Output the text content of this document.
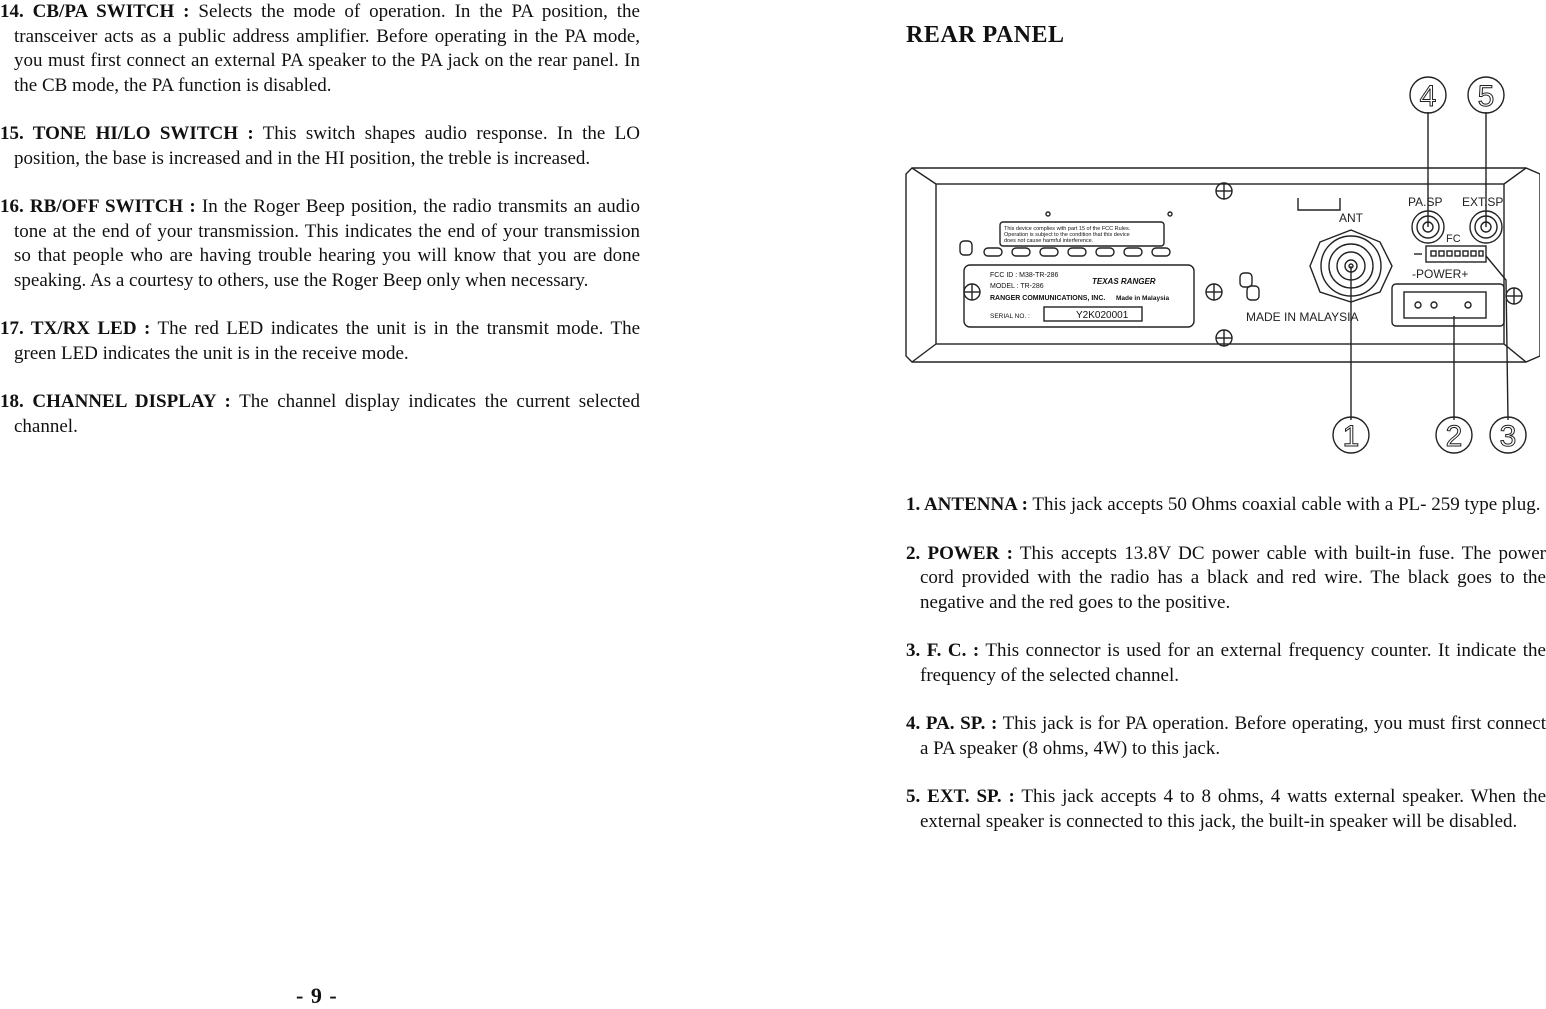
14. CB/PA SWITCH : Selects the mode of operation. In the PA position, the transceiver acts as a public address amplifier. Before operating in the PA mode, you must first connect an external PA speaker to the PA jack on the rear panel. In the CB mode, the PA function is disabled.

15. TONE HI/LO SWITCH : This switch shapes audio response. In the LO position, the base is increased and in the HI position, the treble is increased.

16. RB/OFF SWITCH : In the Roger Beep position, the radio transmits an audio tone at the end of your transmission. This indicates the end of your transmission so that people who are having trouble hearing you will know that you are done speaking. As a courtesy to others, use the Roger Beep only when necessary.

17. TX/RX LED : The red LED indicates the unit is in the transmit mode. The green LED indicates the unit is in the receive mode.

18. CHANNEL DISPLAY : The channel display indicates the current selected channel.

- 9 -
REAR PANEL

1. ANTENNA : This jack accepts 50 Ohms coaxial cable with a PL- 259 type plug.

2. POWER : This accepts 13.8V DC power cable with built-in fuse. The power cord provided with the radio has a black and red wire. The black goes to the negative and the red goes to the positive.

3. F. C. : This connector is used for an external frequency counter. It indicate the frequency of the selected channel.

4. PA. SP. : This jack is for PA operation. Before operating, you must first connect a PA speaker (8 ohms, 4W) to this jack.

5. EXT. SP. : This jack accepts 4 to 8 ohms, 4 watts external speaker. When the external speaker is connected to this jack, the built-in speaker will be disabled.

This device complies with part 15 of the FCC Rules.
Operation is subject to the condition that this device
does not cause harmful interference.
FCC ID : M38-TR-286
MODEL : TR-286
TEXAS RANGER
RANGER COMMUNICATIONS, INC. Made in Malaysia
SERIAL NO. :	Y2K020001
ANT
MADE IN MALAYSIA
PA.SP EXT.SP
FC
-POWER+
4 5
1	2 3
